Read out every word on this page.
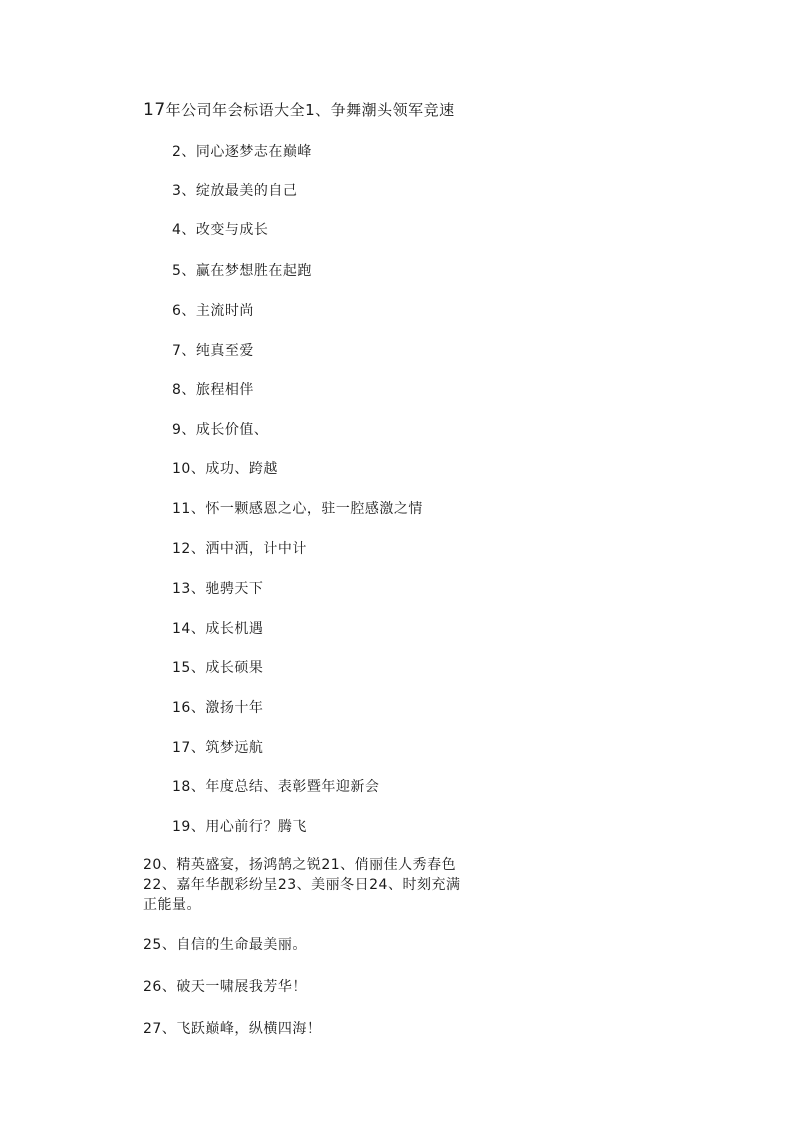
17年公司年会标语大全1、争舞潮头领军竞速
2、同心逐梦志在巅峰
3、绽放最美的自己
4、改变与成长
5、赢在梦想胜在起跑
6、主流时尚
7、纯真至爱
8、旅程相伴
9、成长价值、
10、成功、跨越
11、怀一颗感恩之心，驻一腔感激之情
12、洒中洒，计中计
13、驰骋天下
14、成长机遇
15、成长硕果
16、激扬十年
17、筑梦远航
18、年度总结、表彰暨年迎新会
19、用心前行？腾飞
20、精英盛宴，扬鸿鹄之锐21、俏丽佳人秀春色
22、嘉年华靓彩纷呈23、美丽冬日24、时刻充满
正能量。
25、自信的生命最美丽。
26、破天一啸展我芳华！
27、飞跃巅峰，纵横四海！
